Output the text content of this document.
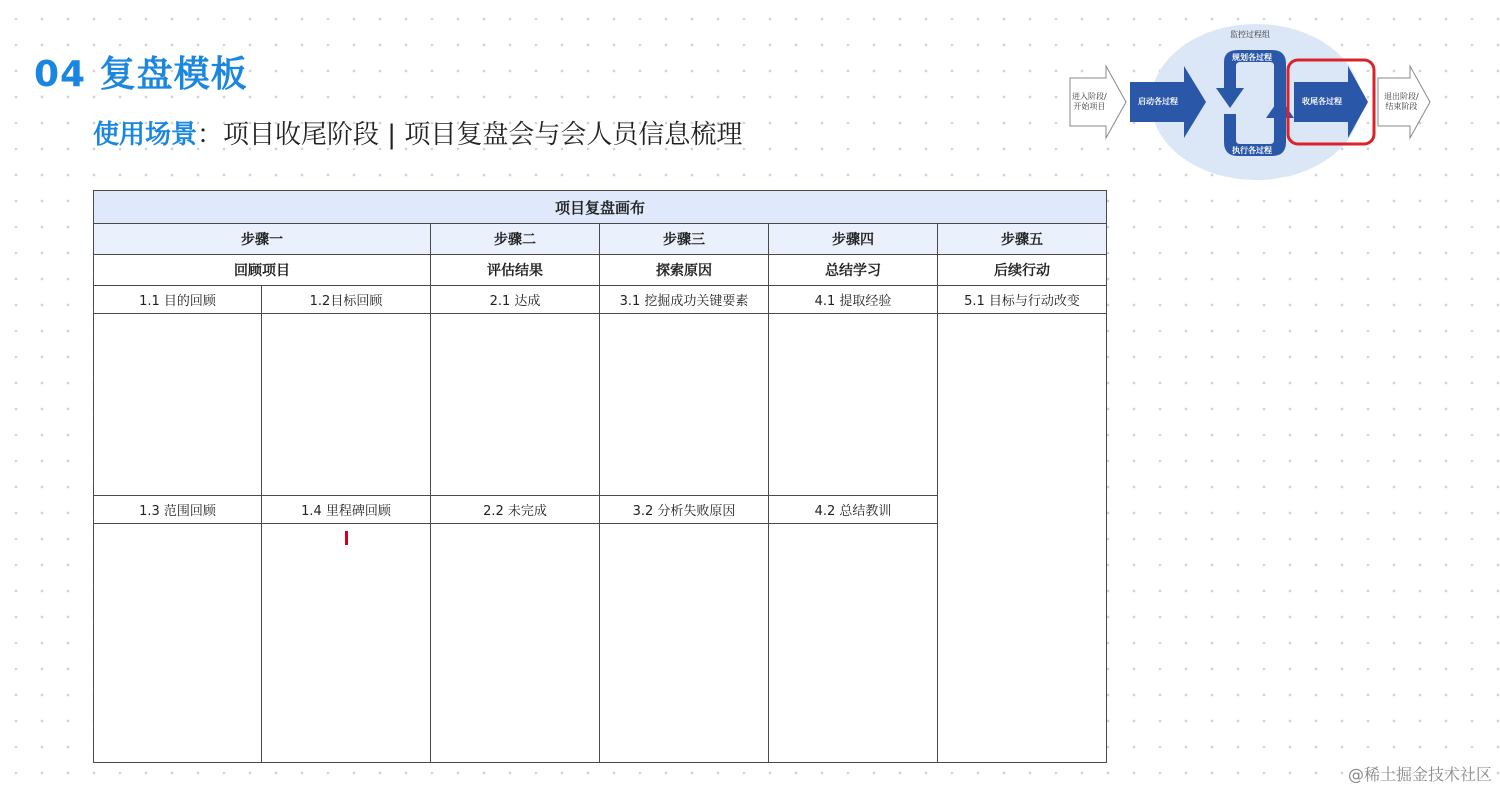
04 复盘模板
使用场景：项目收尾阶段 | 项目复盘会与会人员信息梳理
进入阶段/
开始项目
启动各过程
监控过程组
规划各过程
执行各过程
收尾各过程
退出阶段/
结束阶段
项目复盘画布					
步骤一		步骤二	步骤三	步骤四	步骤五
回顾项目		评估结果	探索原因	总结学习	后续行动
1.1 目的回顾	1.2目标回顾	2.1 达成	3.1 挖掘成功关键要素	4.1 提取经验	5.1 目标与行动改变

1.3 范围回顾	1.4 里程碑回顾	2.2 未完成	3.2 分析失败原因	4.2 总结教训	

@稀土掘金技术社区
